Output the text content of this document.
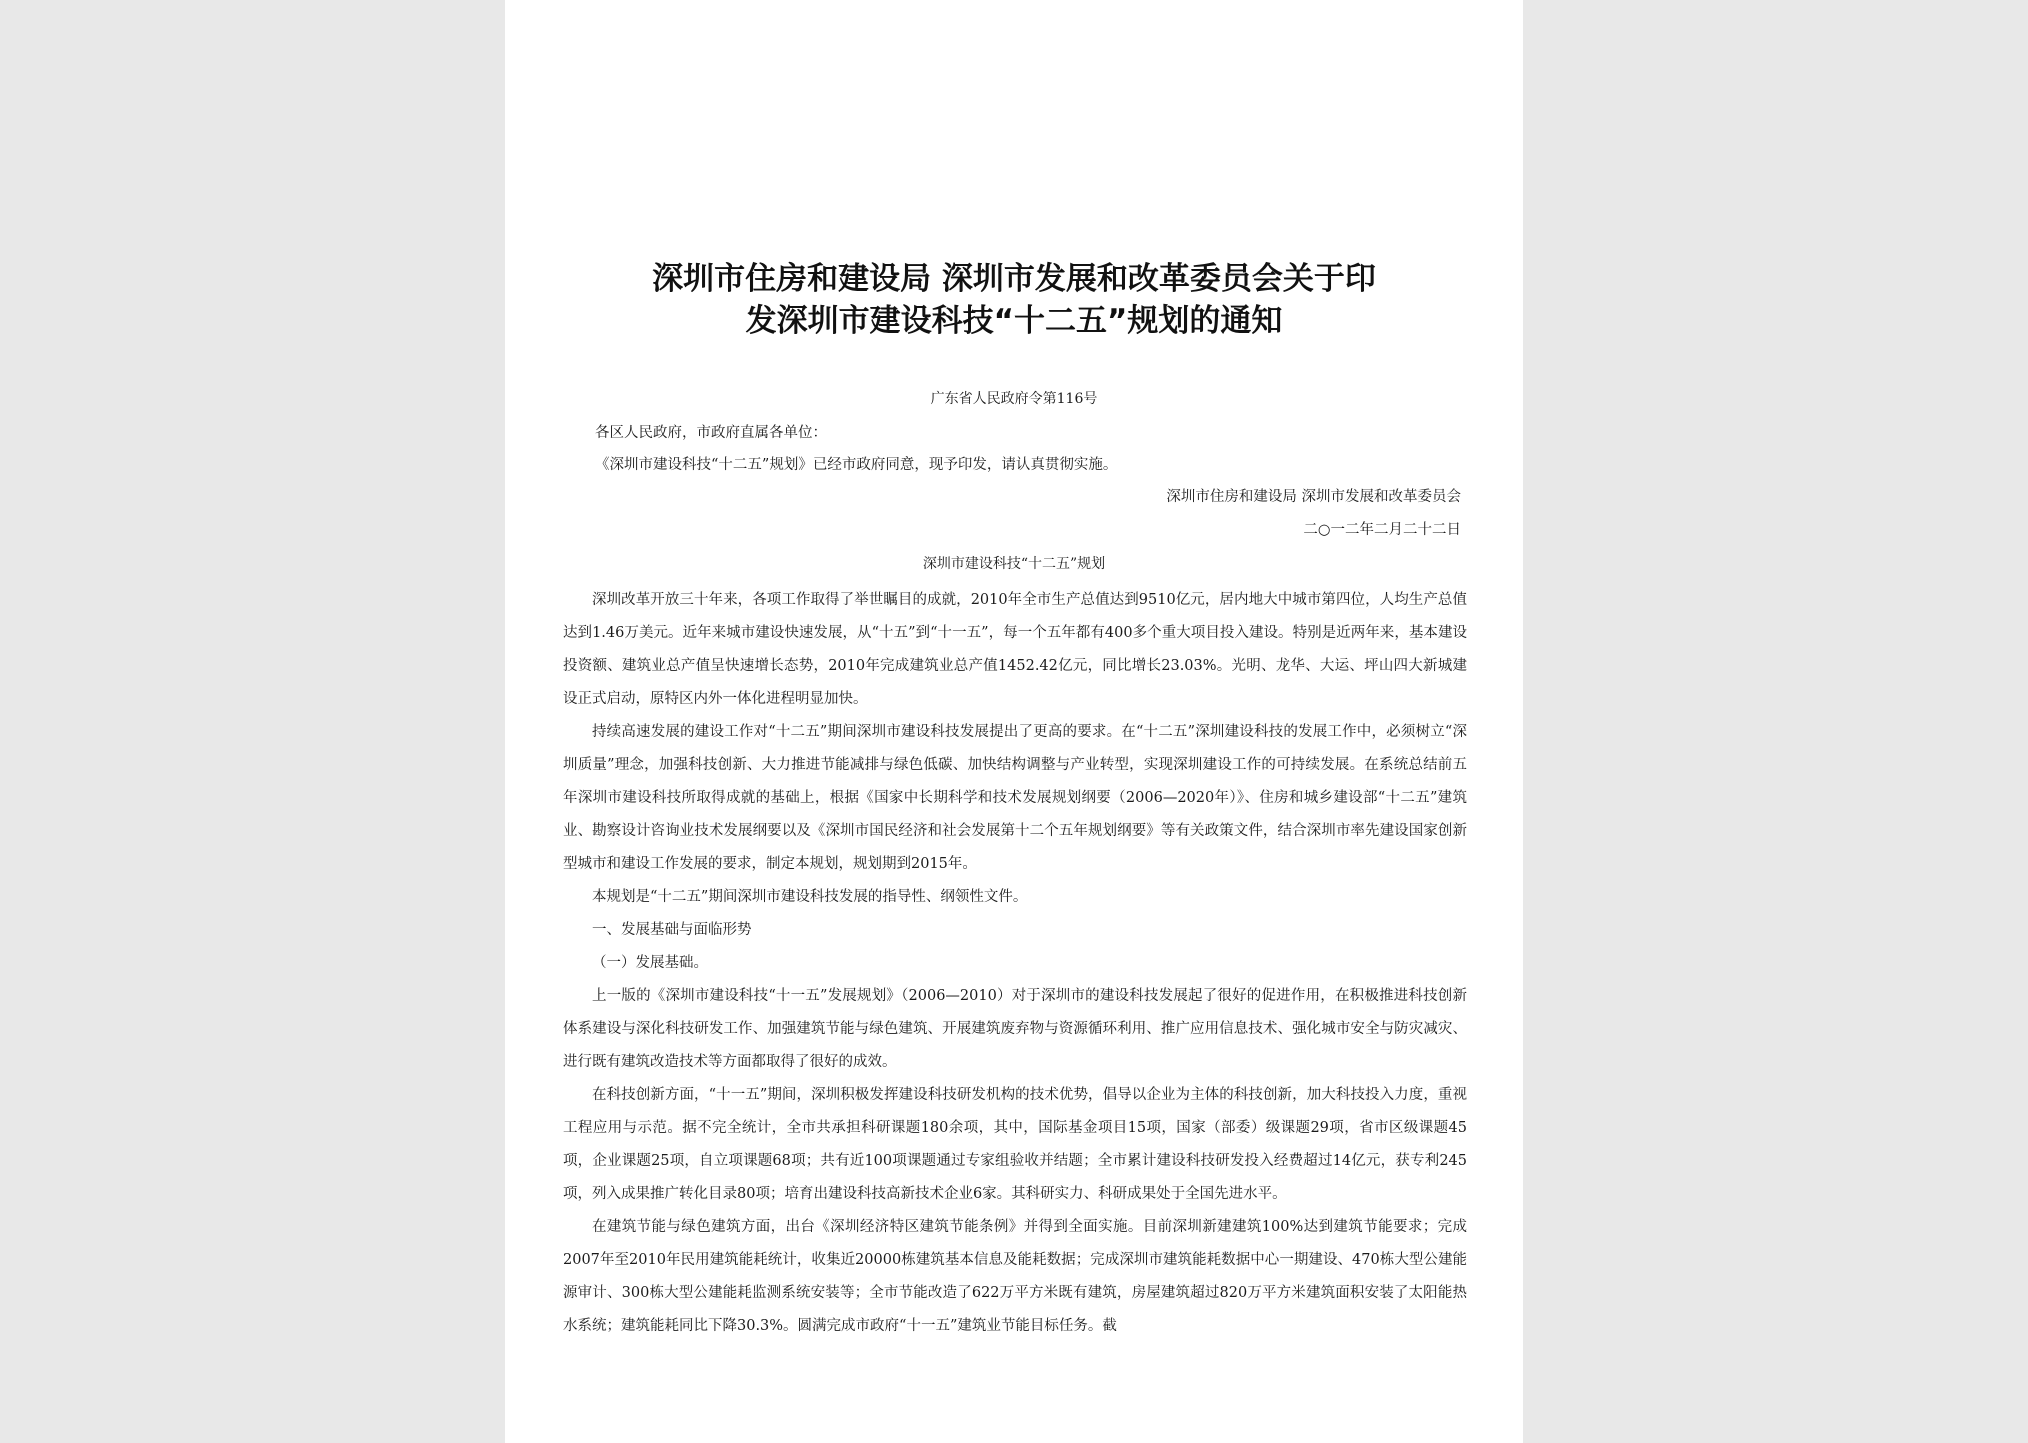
深圳市住房和建设局 深圳市发展和改革委员会关于印
发深圳市建设科技“十二五”规划的通知
广东省人民政府令第116号
各区人民政府，市政府直属各单位：
《深圳市建设科技“十二五”规划》已经市政府同意，现予印发，请认真贯彻实施。
深圳市住房和建设局 深圳市发展和改革委员会
二○一二年二月二十二日
深圳市建设科技“十二五”规划

深圳改革开放三十年来，各项工作取得了举世瞩目的成就，2010年全市生产总值达到9510亿元，居内地大中城市第四位，人均生产总值达到1.46万美元。近年来城市建设快速发展，从“十五”到“十一五”，每一个五年都有400多个重大项目投入建设。特别是近两年来，基本建设投资额、建筑业总产值呈快速增长态势，2010年完成建筑业总产值1452.42亿元，同比增长23.03%。光明、龙华、大运、坪山四大新城建设正式启动，原特区内外一体化进程明显加快。

持续高速发展的建设工作对“十二五”期间深圳市建设科技发展提出了更高的要求。在“十二五”深圳建设科技的发展工作中，必须树立“深圳质量”理念，加强科技创新、大力推进节能减排与绿色低碳、加快结构调整与产业转型，实现深圳建设工作的可持续发展。在系统总结前五年深圳市建设科技所取得成就的基础上，根据《国家中长期科学和技术发展规划纲要（2006—2020年）》、住房和城乡建设部“十二五”建筑业、勘察设计咨询业技术发展纲要以及《深圳市国民经济和社会发展第十二个五年规划纲要》等有关政策文件，结合深圳市率先建设国家创新型城市和建设工作发展的要求，制定本规划，规划期到2015年。

本规划是“十二五”期间深圳市建设科技发展的指导性、纲领性文件。

一、发展基础与面临形势

（一）发展基础。

上一版的《深圳市建设科技“十一五”发展规划》（2006—2010）对于深圳市的建设科技发展起了很好的促进作用，在积极推进科技创新体系建设与深化科技研发工作、加强建筑节能与绿色建筑、开展建筑废弃物与资源循环利用、推广应用信息技术、强化城市安全与防灾减灾、进行既有建筑改造技术等方面都取得了很好的成效。

在科技创新方面，“十一五”期间，深圳积极发挥建设科技研发机构的技术优势，倡导以企业为主体的科技创新，加大科技投入力度，重视工程应用与示范。据不完全统计，全市共承担科研课题180余项，其中，国际基金项目15项，国家（部委）级课题29项，省市区级课题45项，企业课题25项，自立项课题68项；共有近100项课题通过专家组验收并结题；全市累计建设科技研发投入经费超过14亿元，获专利245项，列入成果推广转化目录80项；培育出建设科技高新技术企业6家。其科研实力、科研成果处于全国先进水平。

在建筑节能与绿色建筑方面，出台《深圳经济特区建筑节能条例》并得到全面实施。目前深圳新建建筑100%达到建筑节能要求；完成2007年至2010年民用建筑能耗统计，收集近20000栋建筑基本信息及能耗数据；完成深圳市建筑能耗数据中心一期建设、470栋大型公建能源审计、300栋大型公建能耗监测系统安装等；全市节能改造了622万平方米既有建筑，房屋建筑超过820万平方米建筑面积安装了太阳能热水系统；建筑能耗同比下降30.3%。圆满完成市政府“十一五”建筑业节能目标任务。截
